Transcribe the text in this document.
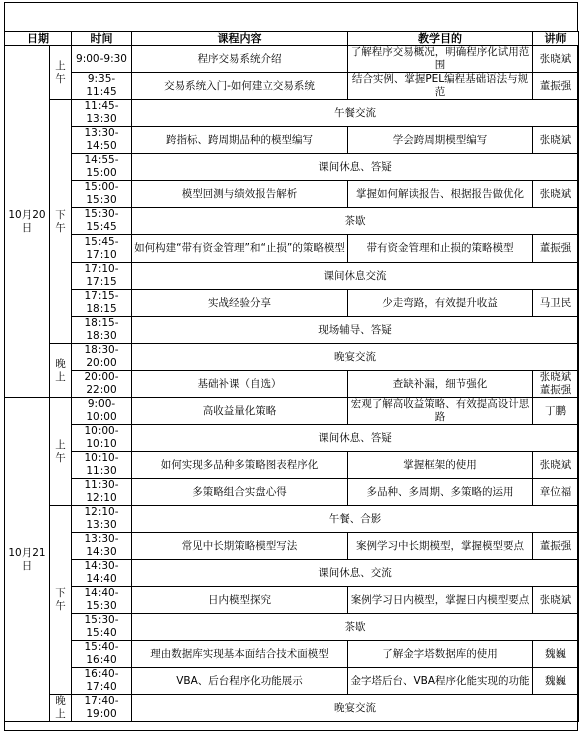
日期		时间	课程内容	教学目的	讲师
10月20日	上午	9:00-9:30	程序交易系统介绍	了解程序交易概况，明确程序化试用范围	张晓斌
		9:35-11:45	交易系统入门-如何建立交易系统	结合实例、掌握PEL编程基础语法与规范	董振强
	下午	11:45-13:30	午餐交流		
		13:30-14:50	跨指标、跨周期品种的模型编写	学会跨周期模型编写	张晓斌
		14:55-15:00	课间休息、答疑		
		15:00-15:30	模型回测与绩效报告解析	掌握如何解读报告、根据报告做优化	张晓斌
		15:30-15:45	茶歇		
		15:45-17:10	如何构建“带有资金管理”和“止损”的策略模型	带有资金管理和止损的策略模型	董振强
		17:10-17:15	课间休息交流		
		17:15-18:15	实战经验分享	少走弯路，有效提升收益	马卫民
		18:15-18:30	现场辅导、答疑		
	晚上	18:30-20:00	晚宴交流		
		20:00-22:00	基础补课（自选）	查缺补漏，细节强化	张晓斌 董振强
10月21日	上午	9:00-10:00	高收益量化策略	宏观了解高收益策略、有效提高设计思路	丁鹏
		10:00-10:10	课间休息、答疑		
		10:10-11:30	如何实现多品种多策略图表程序化	掌握框架的使用	张晓斌
		11:30-12:10	多策略组合实盘心得	多品种、多周期、多策略的运用	章位福
	下午	12:10-13:30	午餐、合影		
		13:30-14:30	常见中长期策略模型写法	案例学习中长期模型，掌握模型要点	董振强
		14:30-14:40	课间休息、交流		
		14:40-15:30	日内模型探究	案例学习日内模型，掌握日内模型要点	张晓斌
		15:30-15:40	茶歇		
		15:40-16:40	理由数据库实现基本面结合技术面模型	了解金字塔数据库的使用	魏巍
		16:40-17:40	VBA、后台程序化功能展示	金字塔后台、VBA程序化能实现的功能	魏巍
	晚上	17:40-19:00	晚宴交流		
